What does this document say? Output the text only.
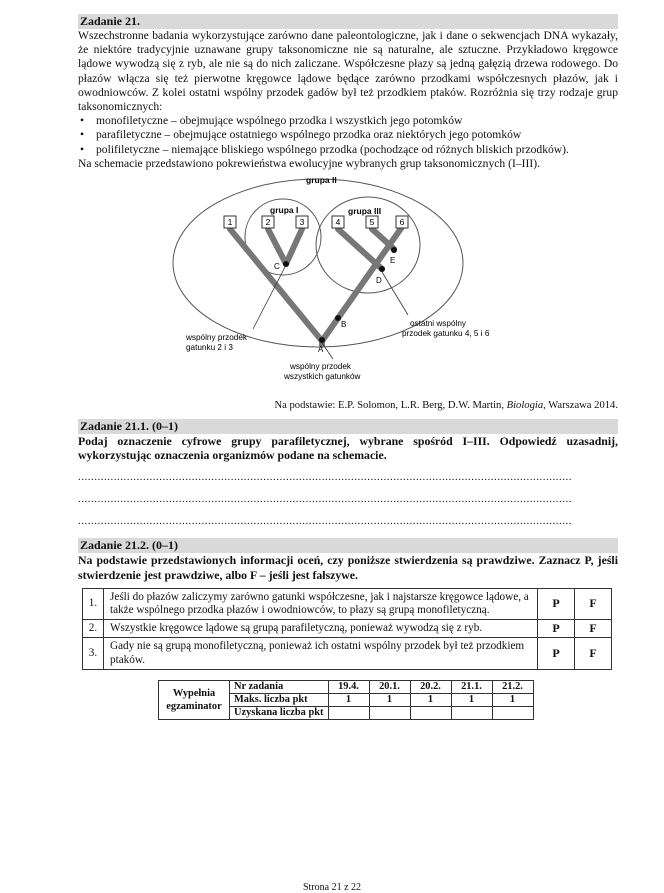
Zadanie 21.
Wszechstronne badania wykorzystujące zarówno dane paleontologiczne, jak i dane o sekwencjach DNA wykazały, że niektóre tradycyjnie uznawane grupy taksonomiczne nie są naturalne, ale sztuczne. Przykładowo kręgowce lądowe wywodzą się z ryb, ale nie są do nich zaliczane. Współczesne płazy są jedną gałęzią drzewa rodowego. Do płazów włącza się też pierwotne kręgowce lądowe będące zarówno przodkami współczesnych płazów, jak i owodniowców. Z kolei ostatni wspólny przodek gadów był też przodkiem ptaków. Rozróżnia się trzy rodzaje grup taksonomicznych:
• monofiletyczne – obejmujące wspólnego przodka i wszystkich jego potomków
• parafiletyczne – obejmujące ostatniego wspólnego przodka oraz niektórych jego potomków
• polifiletyczne – niemające bliskiego wspólnego przodka (pochodzące od różnych bliskich przodków).
Na schemacie przedstawiono pokrewieństwa ewolucyjne wybranych grup taksonomicznych (I–III).
grupa II
grupa I	grupa III
A
B
C
D
E
1	2	3	4	5	6
wspólny przodek gatunku 2 i 3
wspólny przodek wszystkich gatunków
ostatni wspólny przodek gatunku 4, 5 i 6
Na podstawie: E.P. Solomon, L.R. Berg, D.W. Martin, Biologia, Warszawa 2014.
Zadanie 21.1. (0–1)
Podaj oznaczenie cyfrowe grupy parafiletycznej, wybrane spośród I–III. Odpowiedź uzasadnij, wykorzystując oznaczenia organizmów podane na schemacie.
........................................................................................................................................................
........................................................................................................................................................
........................................................................................................................................................
Zadanie 21.2. (0–1)
Na podstawie przedstawionych informacji oceń, czy poniższe stwierdzenia są prawdziwe. Zaznacz P, jeśli stwierdzenie jest prawdziwe, albo F – jeśli jest fałszywe.
1.	Jeśli do płazów zaliczymy zarówno gatunki współczesne, jak i najstarsze kręgowce lądowe, a także wspólnego przodka płazów i owodniowców, to płazy są grupą monofiletyczną.	P	F
2.	Wszystkie kręgowce lądowe są grupą parafiletyczną, ponieważ wywodzą się z ryb.	P	F
3.	Gady nie są grupą monofiletyczną, ponieważ ich ostatni wspólny przodek był też przodkiem ptaków.	P	F
Wypełnia egzaminator	Nr zadania	19.4.	20.1.	20.2.	21.1.	21.2.
	Maks. liczba pkt	1	1	1	1	1
	Uzyskana liczba pkt					
Strona 21 z 22
